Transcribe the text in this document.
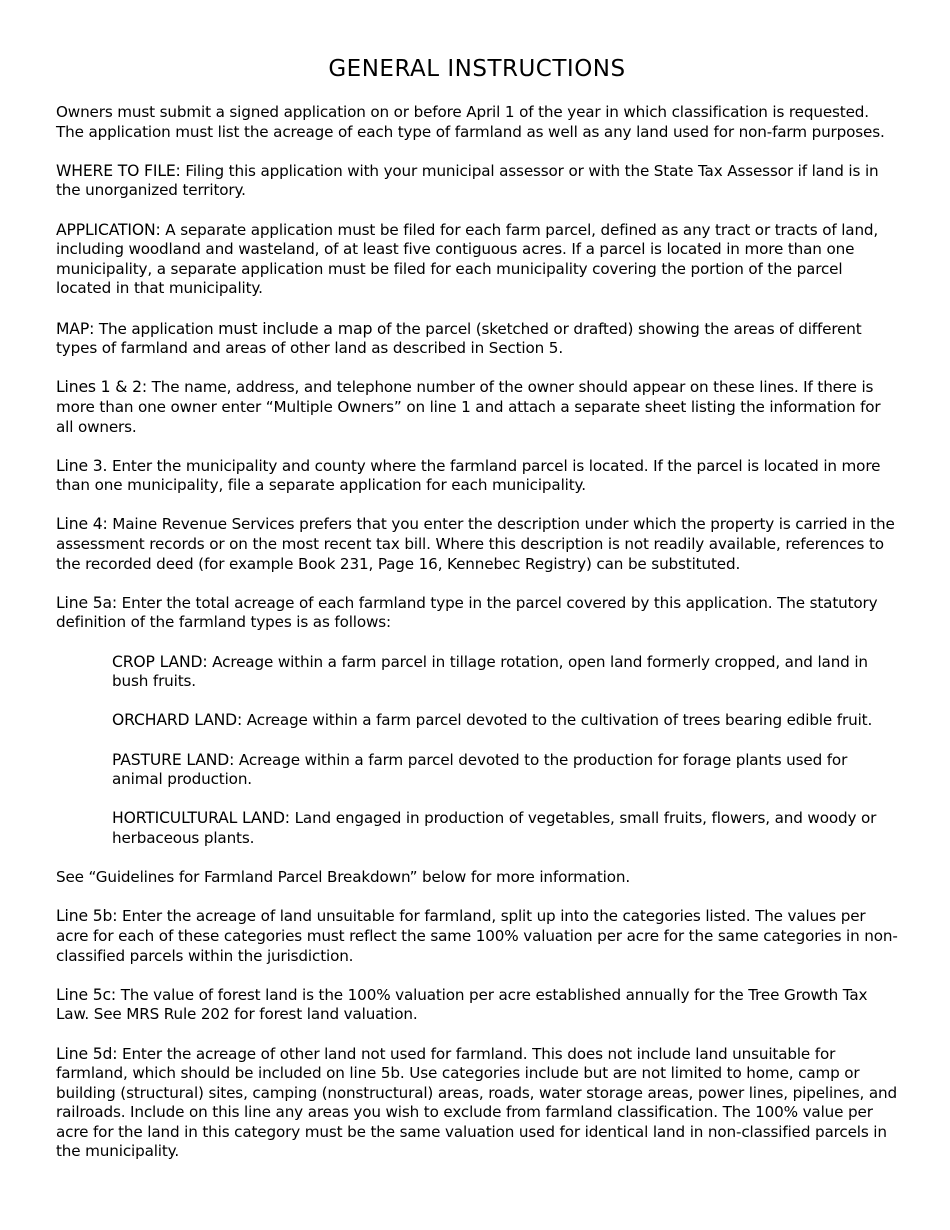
GENERAL INSTRUCTIONS

Owners must submit a signed application on or before April 1 of the year in which classification is requested. The application must list the acreage of each type of farmland as well as any land used for non-farm purposes.

WHERE TO FILE: Filing this application with your municipal assessor or with the State Tax Assessor if land is in the unorganized territory.

APPLICATION: A separate application must be filed for each farm parcel, defined as any tract or tracts of land, including woodland and wasteland, of at least five contiguous acres. If a parcel is located in more than one municipality, a separate application must be filed for each municipality covering the portion of the parcel located in that municipality.

MAP: The application must include a map of the parcel (sketched or drafted) showing the areas of different types of farmland and areas of other land as described in Section 5.

Lines 1 & 2: The name, address, and telephone number of the owner should appear on these lines. If there is more than one owner enter “Multiple Owners” on line 1 and attach a separate sheet listing the information for all owners.

Line 3. Enter the municipality and county where the farmland parcel is located. If the parcel is located in more than one municipality, file a separate application for each municipality.

Line 4: Maine Revenue Services prefers that you enter the description under which the property is carried in the assessment records or on the most recent tax bill. Where this description is not readily available, references to the recorded deed (for example Book 231, Page 16, Kennebec Registry) can be substituted.

Line 5a: Enter the total acreage of each farmland type in the parcel covered by this application. The statutory definition of the farmland types is as follows:

CROP LAND: Acreage within a farm parcel in tillage rotation, open land formerly cropped, and land in bush fruits.

ORCHARD LAND: Acreage within a farm parcel devoted to the cultivation of trees bearing edible fruit.

PASTURE LAND: Acreage within a farm parcel devoted to the production for forage plants used for animal production.

HORTICULTURAL LAND: Land engaged in production of vegetables, small fruits, flowers, and woody or herbaceous plants.

See “Guidelines for Farmland Parcel Breakdown” below for more information.

Line 5b: Enter the acreage of land unsuitable for farmland, split up into the categories listed. The values per acre for each of these categories must reflect the same 100% valuation per acre for the same categories in non-classified parcels within the jurisdiction.

Line 5c: The value of forest land is the 100% valuation per acre established annually for the Tree Growth Tax Law. See MRS Rule 202 for forest land valuation.

Line 5d: Enter the acreage of other land not used for farmland. This does not include land unsuitable for farmland, which should be included on line 5b. Use categories include but are not limited to home, camp or building (structural) sites, camping (nonstructural) areas, roads, water storage areas, power lines, pipelines, and railroads. Include on this line any areas you wish to exclude from farmland classification. The 100% value per acre for the land in this category must be the same valuation used for identical land in non-classified parcels in the municipality.
